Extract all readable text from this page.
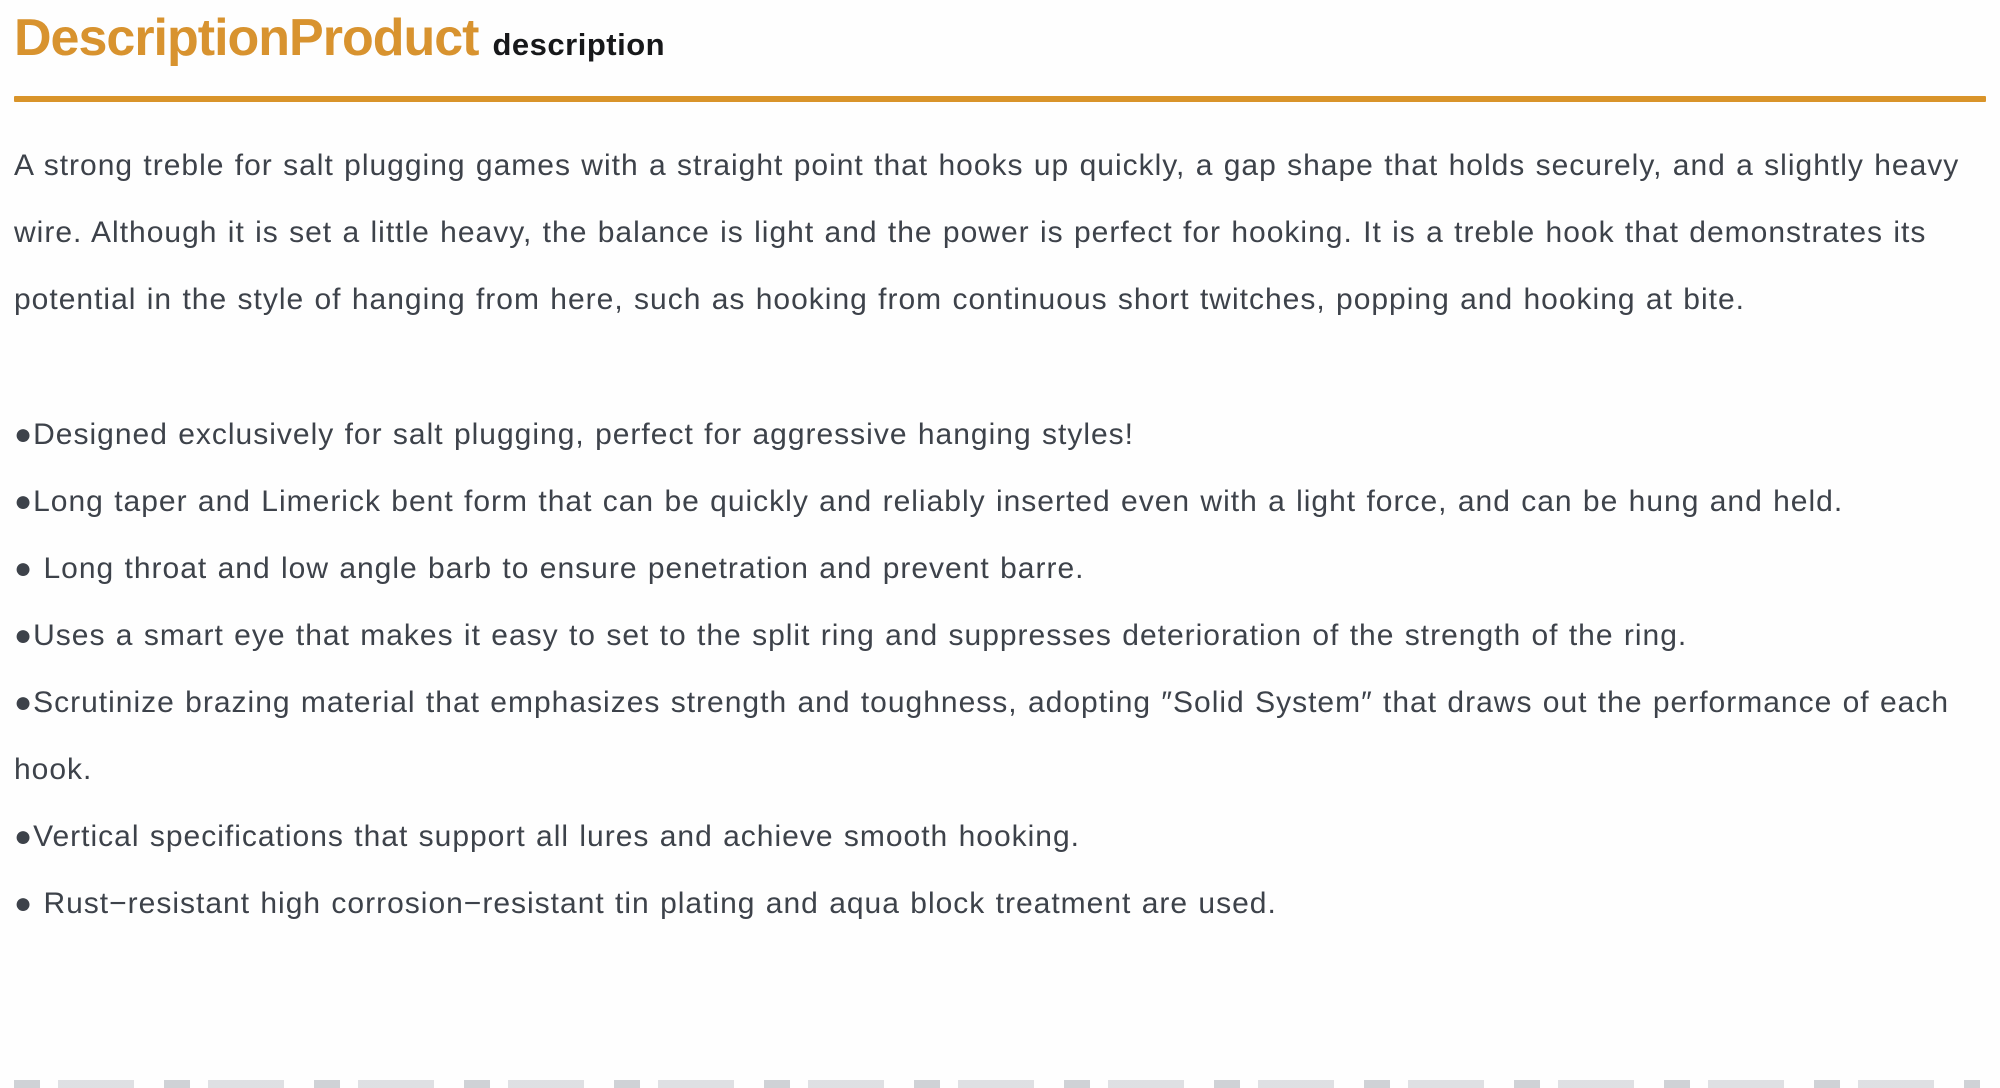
DescriptionProduct description

A strong treble for salt plugging games with a straight point that hooks up quickly, a gap shape that holds securely, and a slightly heavy wire. Although it is set a little heavy, the balance is light and the power is perfect for hooking. It is a treble hook that demonstrates its potential in the style of hanging from here, such as hooking from continuous short twitches, popping and hooking at bite.

●Designed exclusively for salt plugging, perfect for aggressive hanging styles!

●Long taper and Limerick bent form that can be quickly and reliably inserted even with a light force, and can be hung and held.

● Long throat and low angle barb to ensure penetration and prevent barre.

●Uses a smart eye that makes it easy to set to the split ring and suppresses deterioration of the strength of the ring.

●Scrutinize brazing material that emphasizes strength and toughness, adopting ″Solid System″ that draws out the performance of each hook.

●Vertical specifications that support all lures and achieve smooth hooking.

● Rust−resistant high corrosion−resistant tin plating and aqua block treatment are used.
